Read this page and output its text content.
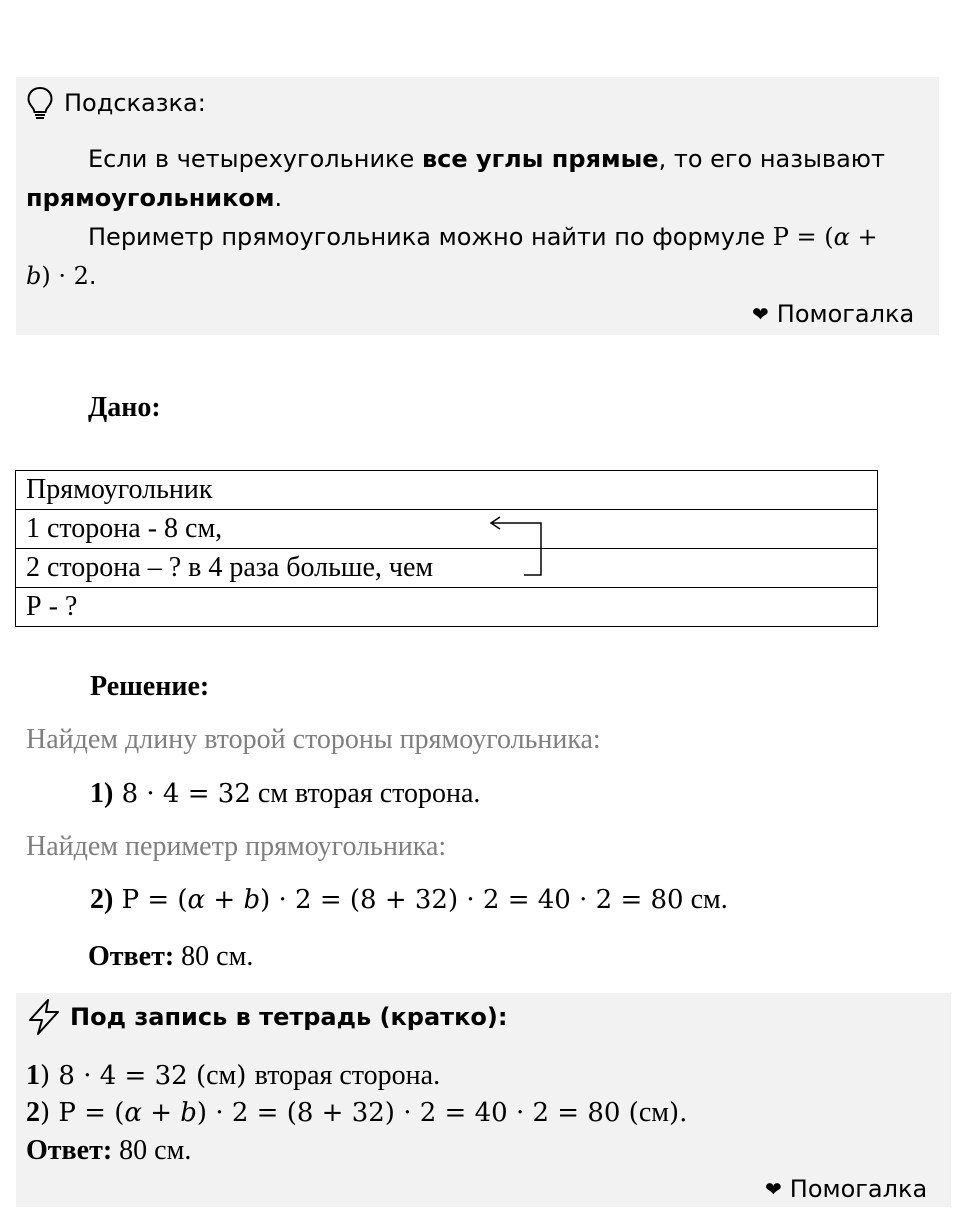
Подсказка:

Если в четырехугольнике все углы прямые, то его называют прямоугольником.

Периметр прямоугольника можно найти по формуле P = (α +
b) · 2.

❤ Помогалка
Дано:
Прямоугольник
1 сторона - 8 см,
2 сторона – ? в 4 раза больше, чем
Р - ?
Решение:
Найдем длину второй стороны прямоугольника:
1) 8 · 4 = 32 см вторая сторона.
Найдем периметр прямоугольника:
2) P = (α + b) · 2 = (8 + 32) · 2 = 40 · 2 = 80 см.
Ответ: 80 см.
Под запись в тетрадь (кратко):
1) 8 · 4 = 32 (см) вторая сторона.
2) P = (α + b) · 2 = (8 + 32) · 2 = 40 · 2 = 80 (см).
Ответ: 80 см.
❤ Помогалка
